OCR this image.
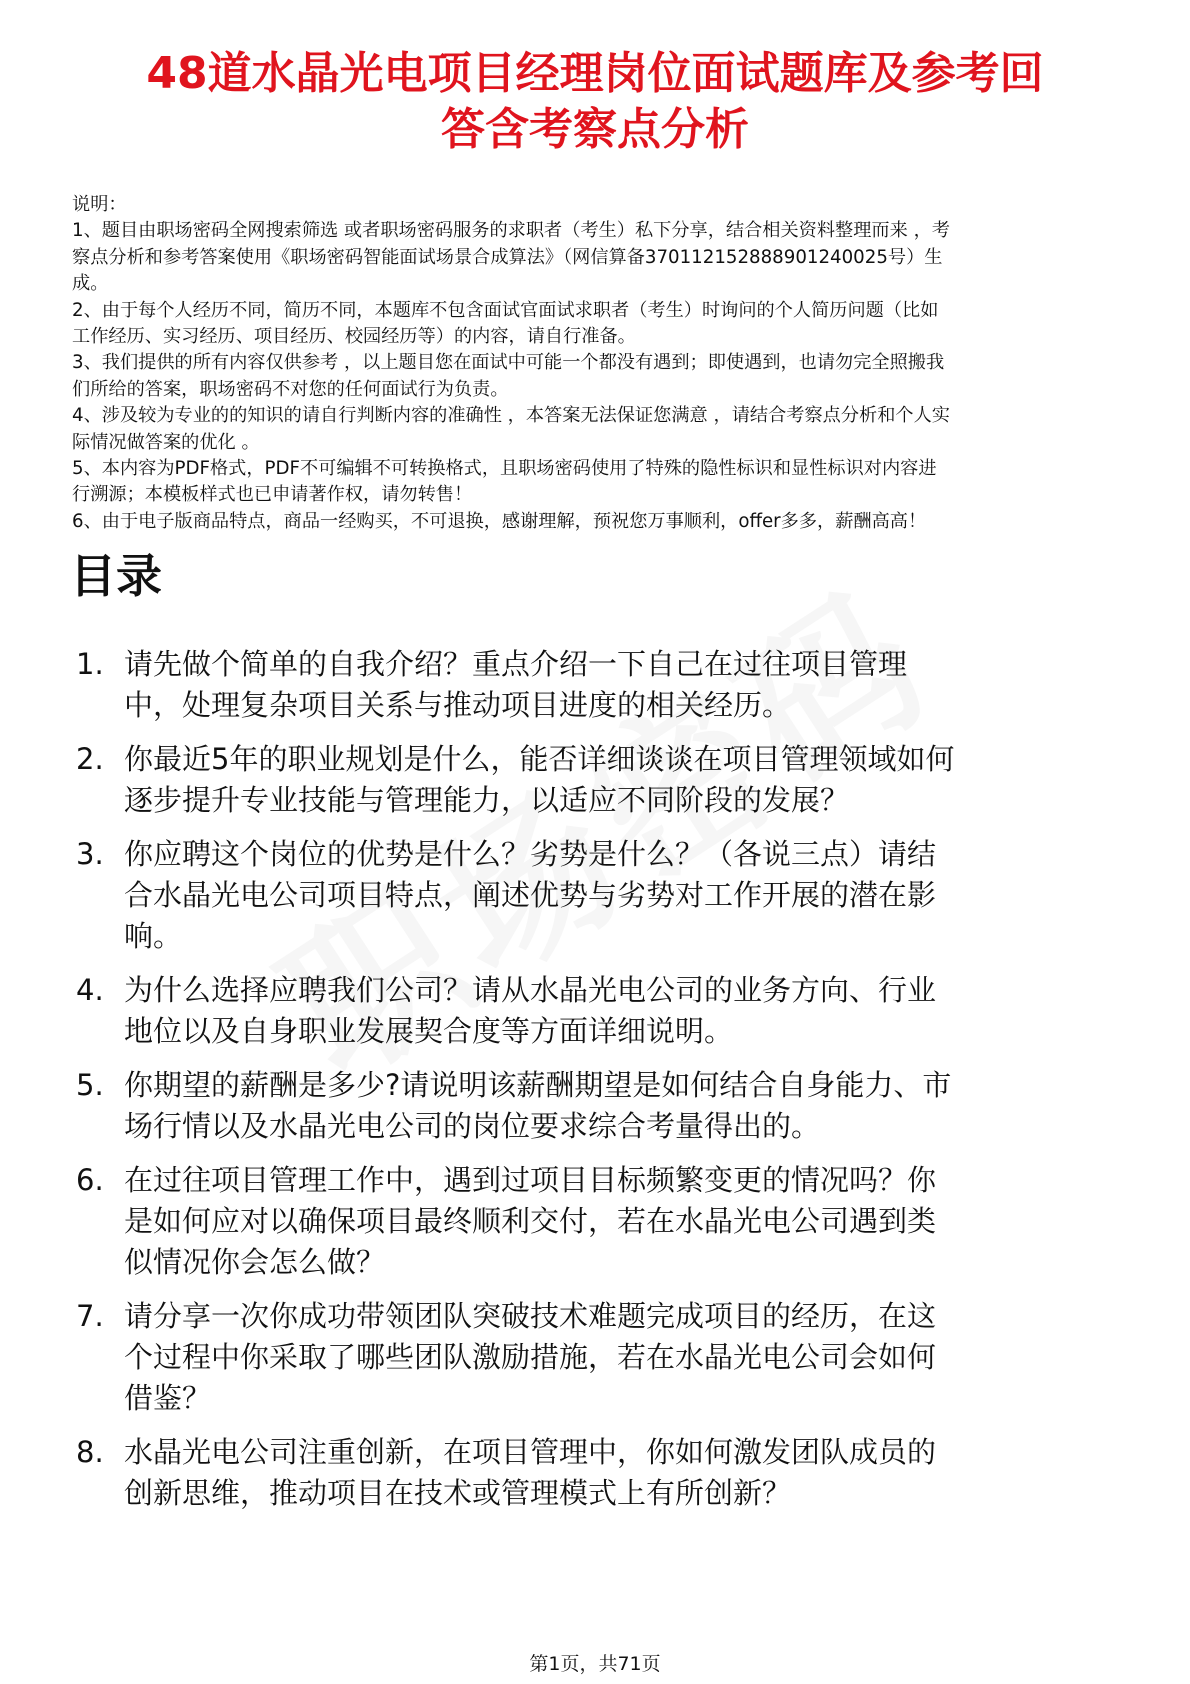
48道水晶光电项目经理岗位面试题库及参考回
答含考察点分析
说明：
1、题目由职场密码全网搜索筛选 或者职场密码服务的求职者（考生）私下分享，结合相关资料整理而来 ，考
察点分析和参考答案使用《职场密码智能面试场景合成算法》（网信算备370112152888901240025号）生
成。
2、由于每个人经历不同，简历不同，本题库不包含面试官面试求职者（考生）时询问的个人简历问题（比如
工作经历、实习经历、项目经历、校园经历等）的内容，请自行准备。
3、我们提供的所有内容仅供参考 ，以上题目您在面试中可能一个都没有遇到；即使遇到，也请勿完全照搬我
们所给的答案，职场密码不对您的任何面试行为负责。
4、涉及较为专业的的知识的请自行判断内容的准确性 ，本答案无法保证您满意 ，请结合考察点分析和个人实
际情况做答案的优化 。
5、本内容为PDF格式，PDF不可编辑不可转换格式，且职场密码使用了特殊的隐性标识和显性标识对内容进
行溯源；本模板样式也已申请著作权，请勿转售！
6、由于电子版商品特点，商品一经购买，不可退换，感谢理解，预祝您万事顺利，offer多多，薪酬高高！
目录
1. 请先做个简单的自我介绍？重点介绍一下自己在过往项目管理
中，处理复杂项目关系与推动项目进度的相关经历。
2. 你最近5年的职业规划是什么，能否详细谈谈在项目管理领域如何
逐步提升专业技能与管理能力，以适应不同阶段的发展？
3. 你应聘这个岗位的优势是什么？劣势是什么？（各说三点）请结
合水晶光电公司项目特点，阐述优势与劣势对工作开展的潜在影
响。
4. 为什么选择应聘我们公司？请从水晶光电公司的业务方向、行业
地位以及自身职业发展契合度等方面详细说明。
5. 你期望的薪酬是多少?请说明该薪酬期望是如何结合自身能力、市
场行情以及水晶光电公司的岗位要求综合考量得出的。
6. 在过往项目管理工作中，遇到过项目目标频繁变更的情况吗？你
是如何应对以确保项目最终顺利交付，若在水晶光电公司遇到类
似情况你会怎么做？
7. 请分享一次你成功带领团队突破技术难题完成项目的经历，在这
个过程中你采取了哪些团队激励措施，若在水晶光电公司会如何
借鉴？
8. 水晶光电公司注重创新，在项目管理中，你如何激发团队成员的
创新思维，推动项目在技术或管理模式上有所创新？
第1页，共71页
